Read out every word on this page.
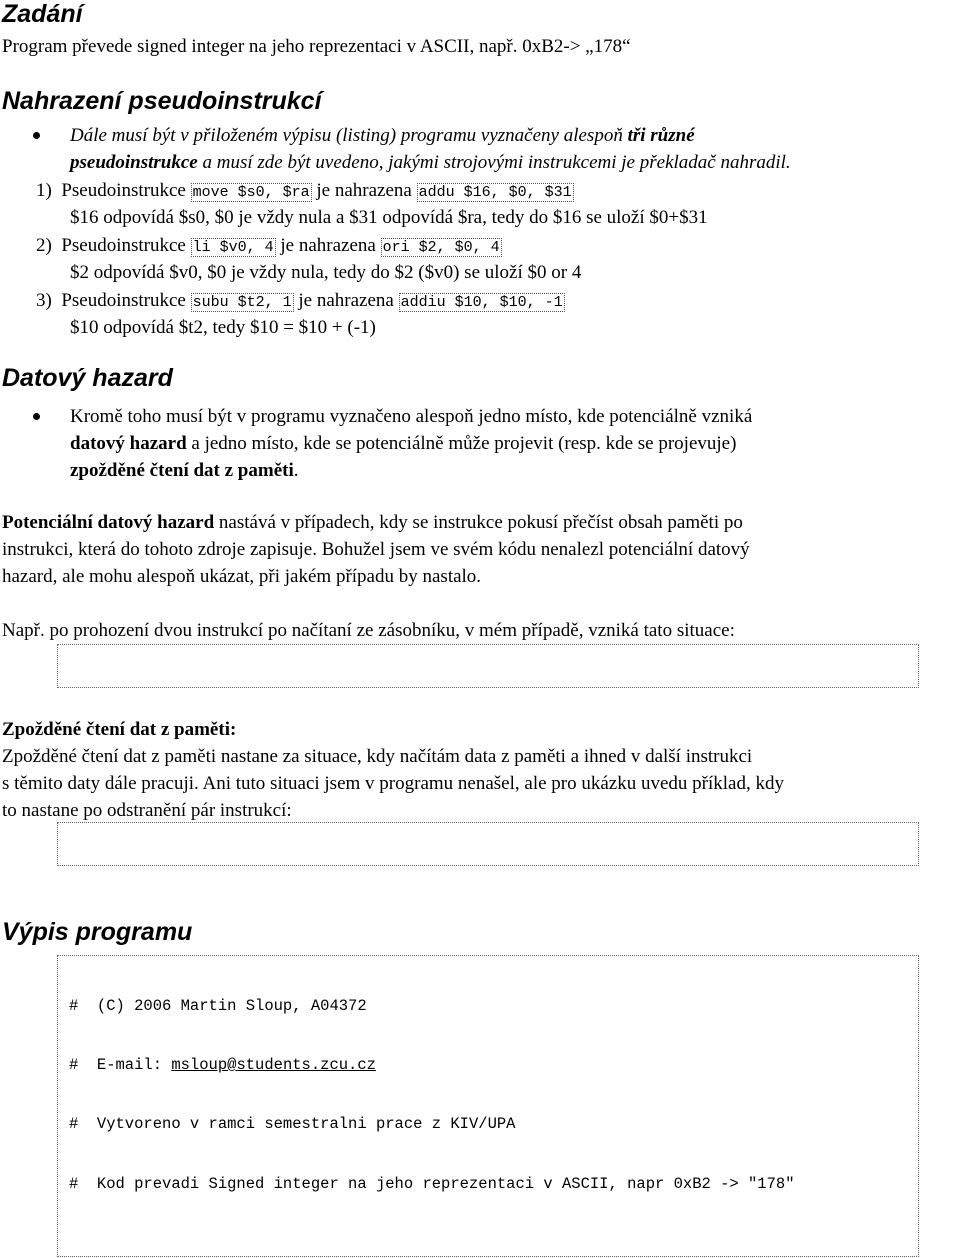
Zadání
Program převede signed integer na jeho reprezentaci v ASCII, např. 0xB2-> „178“
Nahrazení pseudoinstrukcí
Dále musí být v přiloženém výpisu (listing) programu vyznačeny alespoň tři různé
pseudoinstrukce a musí zde být uvedeno, jakými strojovými instrukcemi je překladač nahradil.
1) Pseudoinstrukce move $s0, $ra je nahrazena addu $16, $0, $31
$16 odpovídá $s0, $0 je vždy nula a $31 odpovídá $ra, tedy do $16 se uloží $0+$31
2) Pseudoinstrukce li $v0, 4 je nahrazena ori $2, $0, 4
$2 odpovídá $v0, $0 je vždy nula, tedy do $2 ($v0) se uloží $0 or 4
3) Pseudoinstrukce subu $t2, 1 je nahrazena addiu $10, $10, -1
$10 odpovídá $t2, tedy $10 = $10 + (-1)
Datový hazard
Kromě toho musí být v programu vyznačeno alespoň jedno místo, kde potenciálně vzniká
datový hazard a jedno místo, kde se potenciálně může projevit (resp. kde se projevuje)
zpožděné čtení dat z paměti.
Potenciální datový hazard nastává v případech, kdy se instrukce pokusí přečíst obsah paměti po
instrukci, která do tohoto zdroje zapisuje. Bohužel jsem ve svém kódu nenalezl potenciální datový
hazard, ale mohu alespoň ukázat, při jakém případu by nastalo.
Např. po prohození dvou instrukcí po načítaní ze zásobníku, v mém případě, vzniká tato situace:

Zpožděné čtení dat z paměti:
Zpožděné čtení dat z paměti nastane za situace, kdy načítám data z paměti a ihned v další instrukci
s těmito daty dále pracuji. Ani tuto situaci jsem v programu nenašel, ale pro ukázku uvedu příklad, kdy
to nastane po odstranění pár instrukcí:

Výpis programu

#  (C) 2006 Martin Sloup, A04372

#  E-mail: msloup@students.zcu.cz

#  Vytvoreno v ramci semestralni prace z KIV/UPA

#  Kod prevadi Signed integer na jeho reprezentaci v ASCII, napr 0xB2 -> "178"
